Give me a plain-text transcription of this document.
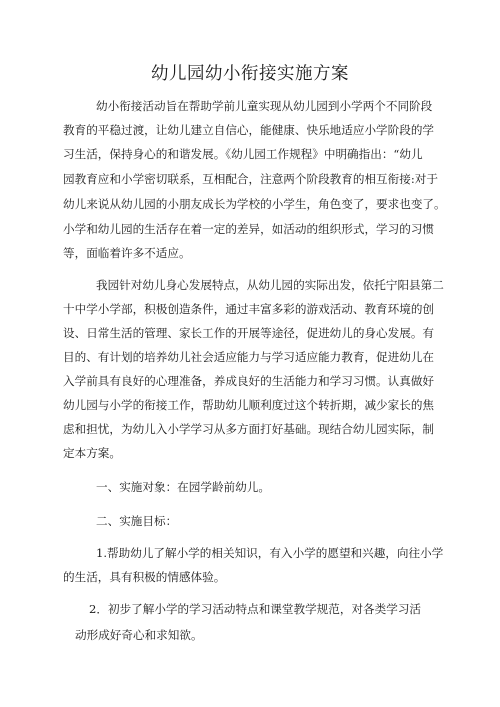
幼儿园幼小衔接实施方案

幼小衔接活动旨在帮助学前儿童实现从幼儿园到小学两个不同阶段

教育的平稳过渡，让幼儿建立自信心，能健康、快乐地适应小学阶段的学

习生活，保持身心的和谐发展。《幼儿园工作规程》中明确指出：“幼儿

园教育应和小学密切联系，互相配合，注意两个阶段教育的相互衔接:对于

幼儿来说从幼儿园的小朋友成长为学校的小学生，角色变了，要求也变了。

小学和幼儿园的生活存在着一定的差异，如活动的组织形式，学习的习惯

等，面临着许多不适应。

我园针对幼儿身心发展特点，从幼儿园的实际出发，依托宁阳县第二

十中学小学部，积极创造条件，通过丰富多彩的游戏活动、教育环境的创

设、日常生活的管理、家长工作的开展等途径，促进幼儿的身心发展。有

目的、有计划的培养幼儿社会适应能力与学习适应能力教育，促进幼儿在

入学前具有良好的心理准备，养成良好的生活能力和学习习惯。认真做好

幼儿园与小学的衔接工作，帮助幼儿顺利度过这个转折期，减少家长的焦

虑和担忧，为幼儿入小学学习从多方面打好基础。现结合幼儿园实际，制

定本方案。

一、实施对象：在园学龄前幼儿。

二、实施目标：

1.帮助幼儿了解小学的相关知识，有入小学的愿望和兴趣，向往小学

的生活，具有积极的情感体验。

2．初步了解小学的学习活动特点和课堂教学规范，对各类学习活

动形成好奇心和求知欲。
